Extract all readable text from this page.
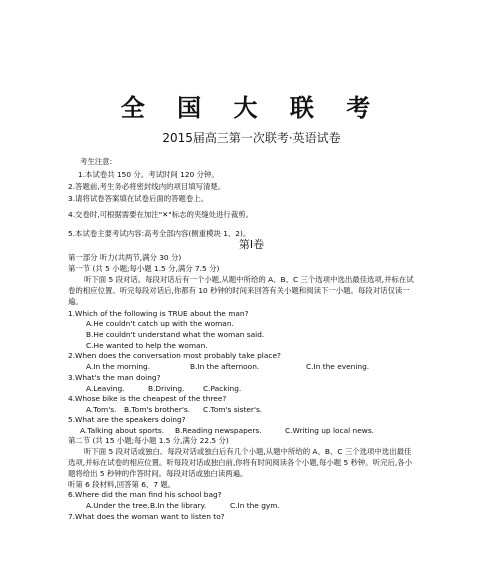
全 国 大 联 考
2015届高三第一次联考·英语试卷
考生注意:
1.本试卷共 150 分。考试时间 120 分钟。
2.答题前,考生务必将密封线内的项目填写清楚。
3.请将试卷答案填在试卷后面的答题卷上。
4.交卷时,可根据需要在加注"✕"标志的夹缝处进行裁剪。
5.本试卷主要考试内容:高考全部内容(侧重模块 1、2)。
第Ⅰ卷
第一部分 听力(共两节,满分 30 分)
第一节 (共 5 小题;每小题 1.5 分,满分 7.5 分)
听下面 5 段对话。每段对话后有一个小题,从题中所给的 A、B、C 三个选项中选出最佳选项,并标在试
卷的相应位置。听完每段对话后,你都有 10 秒钟的时间来回答有关小题和阅读下一小题。每段对话仅读一
遍。
1.Which of the following is TRUE about the man?
A.He couldn't catch up with the woman.
B.He couldn't understand what the woman said.
C.He wanted to help the woman.
2.When does the conversation most probably take place?
A.In the morning.	B.In the afternoon.	C.In the evening.
3.What's the man doing?
A.Leaving.	B.Driving.	C.Packing.
4.Whose bike is the cheapest of the three?
A.Tom's. B.Tom's brother's. C.Tom's sister's.
5.What are the speakers doing?
A.Talking about sports. B.Reading newspapers.	C.Writing up local news.
第二节 (共 15 小题;每小题 1.5 分,满分 22.5 分)
听下面 5 段对话或独白。每段对话或独白后有几个小题,从题中所给的 A、B、C 三个选项中选出最佳
选项,并标在试卷的相应位置。听每段对话或独白前,你将有时间阅读各个小题,每小题 5 秒钟。听完后,各小
题将给出 5 秒钟的作答时间。每段对话或独白读两遍。
听第 6 段材料,回答第 6、7 题。
6.Where did the man find his school bag?
A.Under the tree. B.In the library.	C.In the gym.
7.What does the woman want to listen to?
